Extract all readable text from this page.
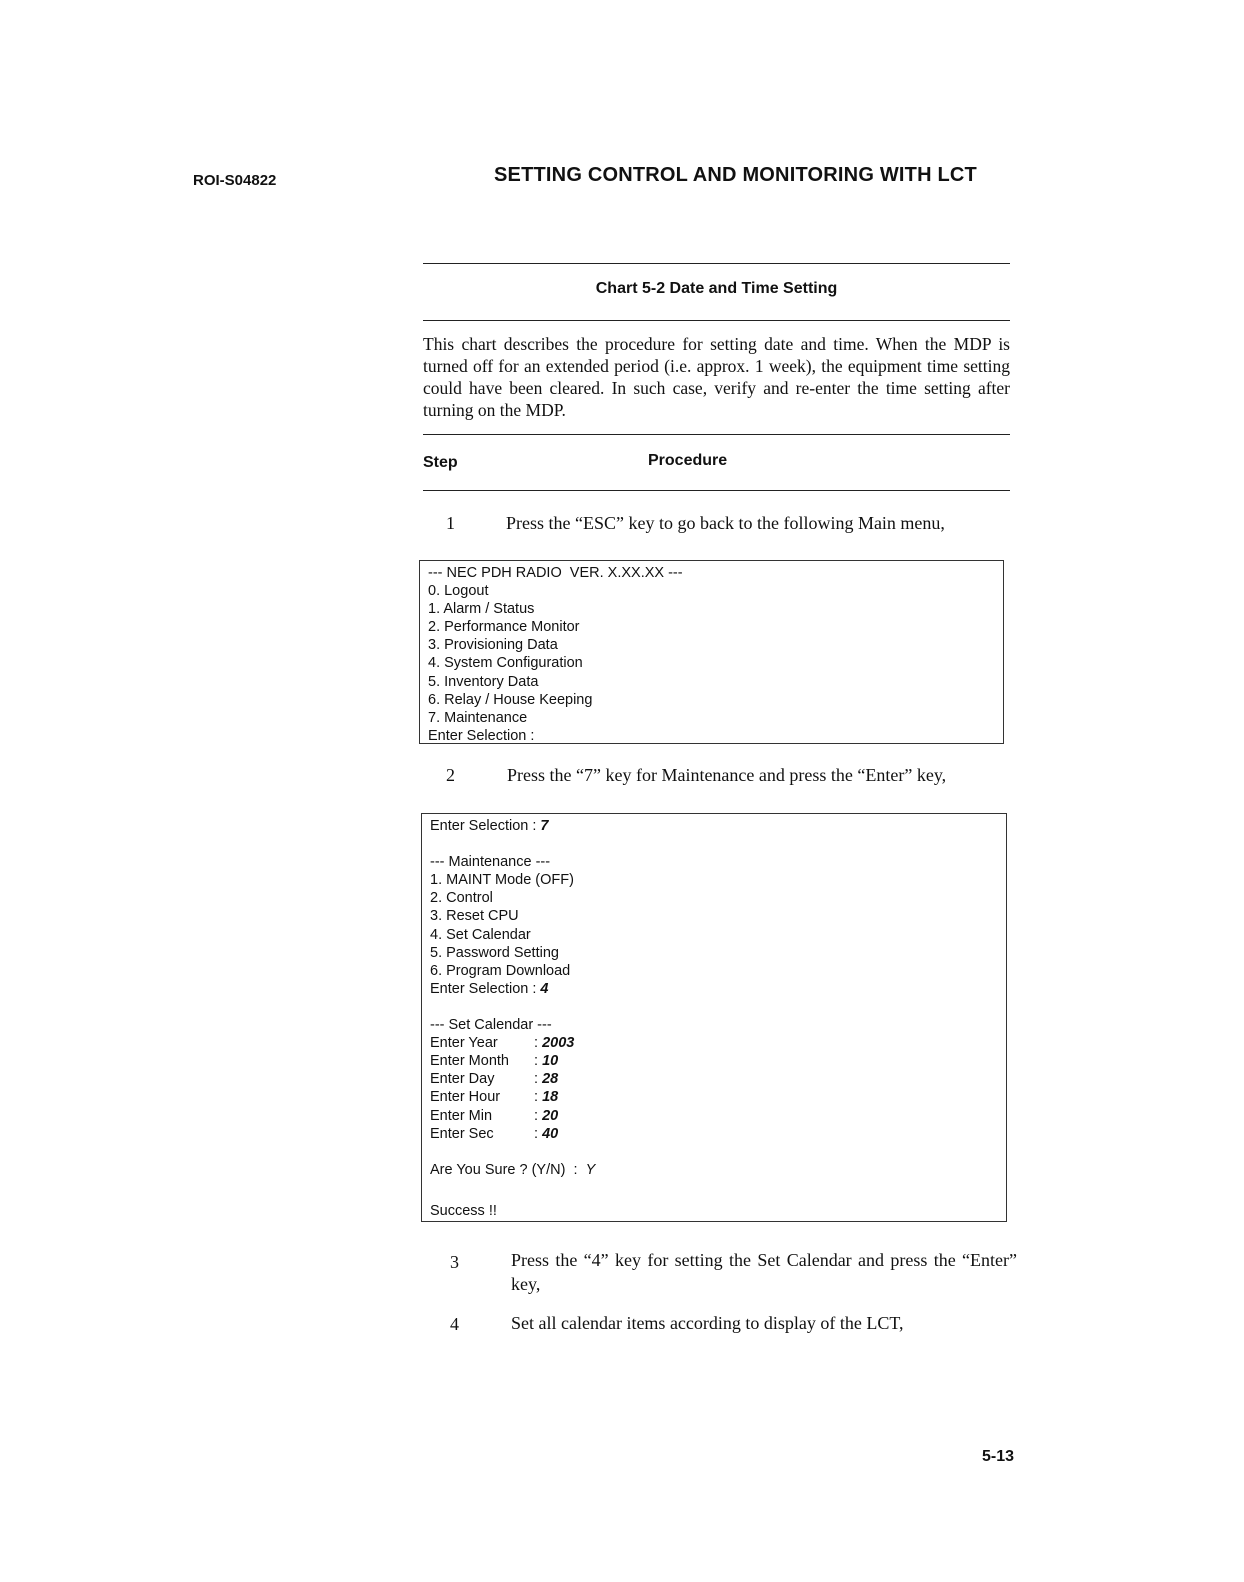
ROI-S04822	SETTING CONTROL AND MONITORING WITH LCT
Chart 5-2 Date and Time Setting
This chart describes the procedure for setting date and time. When the MDP is turned off for an extended period (i.e. approx. 1 week), the equipment time setting could have been cleared. In such case, verify and re-enter the time setting after turning on the MDP.
Step	Procedure
1	Press the “ESC” key to go back to the following Main menu,
--- NEC PDH RADIO  VER. X.XX.XX ---
0. Logout
1. Alarm / Status
2. Performance Monitor
3. Provisioning Data
4. System Configuration
5. Inventory Data
6. Relay / House Keeping
7. Maintenance
Enter Selection :
2	Press the “7” key for Maintenance and press the “Enter” key,
Enter Selection : 7
--- Maintenance ---
1. MAINT Mode (OFF)
2. Control
3. Reset CPU
4. Set Calendar
5. Password Setting
6. Program Download
Enter Selection : 4
--- Set Calendar ---
Enter Year	: 2003
Enter Month : 10
Enter Day	: 28
Enter Hour : 18
Enter Min	: 20
Enter Sec	: 40
Are You Sure ? (Y/N)  :  Y
Success !!
3	Press the “4” key for setting the Set Calendar and press the “Enter” key,
4	Set all calendar items according to display of the LCT,
5-13
